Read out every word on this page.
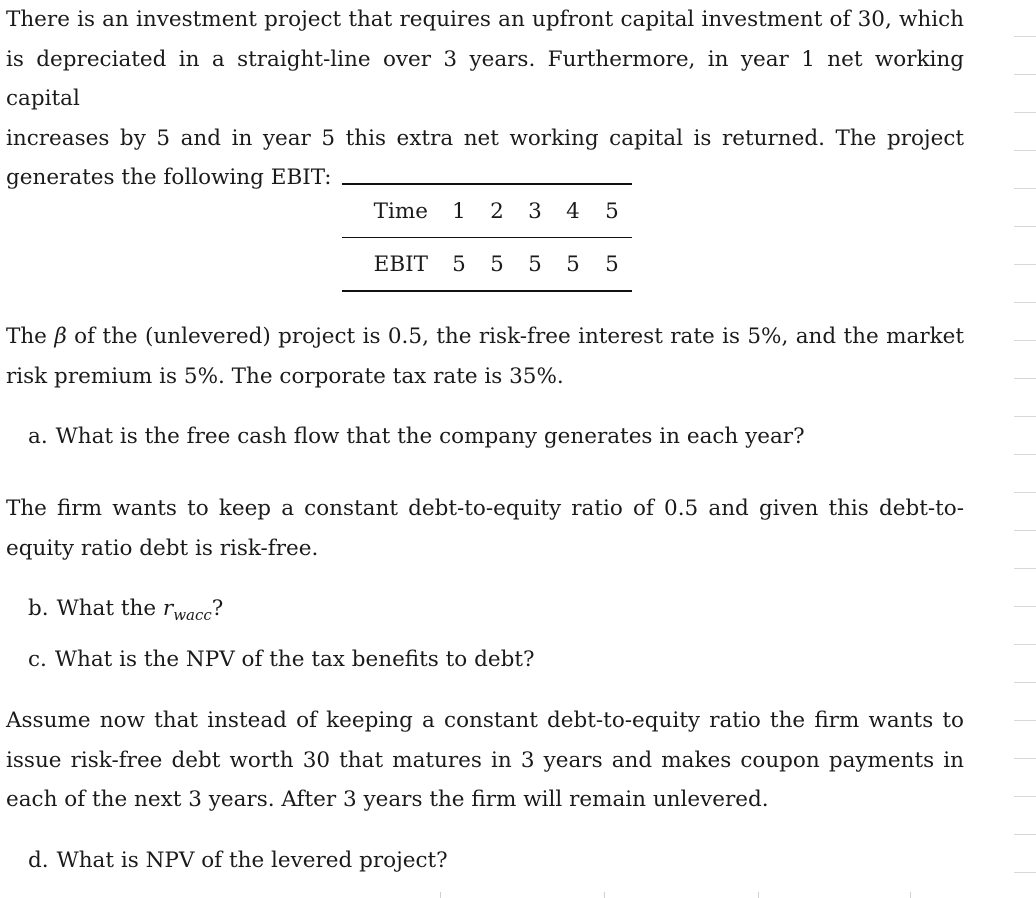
There is an investment project that requires an upfront capital investment of 30, which
is depreciated in a straight-line over 3 years. Furthermore, in year 1 net working capital
increases by 5 and in year 5 this extra net working capital is returned. The project
generates the following EBIT:
Time	1	2	3	4	5
EBIT	5	5	5	5	5
The β of the (unlevered) project is 0.5, the risk-free interest rate is 5%, and the market
risk premium is 5%. The corporate tax rate is 35%.
a. What is the free cash flow that the company generates in each year?
The firm wants to keep a constant debt-to-equity ratio of 0.5 and given this debt-to-
equity ratio debt is risk-free.
b. What the $r_{wacc}$?
c. What is the NPV of the tax benefits to debt?
Assume now that instead of keeping a constant debt-to-equity ratio the firm wants to
issue risk-free debt worth 30 that matures in 3 years and makes coupon payments in
each of the next 3 years. After 3 years the firm will remain unlevered.
d. What is NPV of the levered project?
